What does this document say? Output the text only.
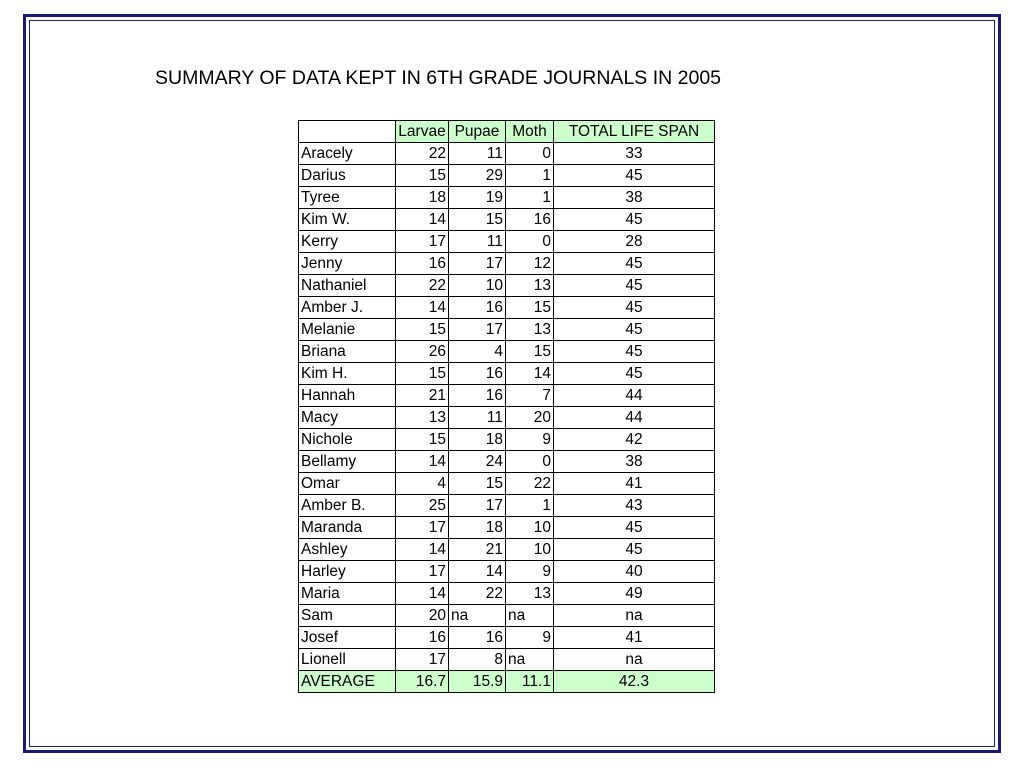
SUMMARY OF DATA KEPT IN 6TH GRADE JOURNALS IN 2005
	Larvae	Pupae	Moth	TOTAL LIFE SPAN
Aracely	22	11	0	33
Darius	15	29	1	45
Tyree	18	19	1	38
Kim W.	14	15	16	45
Kerry	17	11	0	28
Jenny	16	17	12	45
Nathaniel	22	10	13	45
Amber J.	14	16	15	45
Melanie	15	17	13	45
Briana	26	4	15	45
Kim H.	15	16	14	45
Hannah	21	16	7	44
Macy	13	11	20	44
Nichole	15	18	9	42
Bellamy	14	24	0	38
Omar	4	15	22	41
Amber B.	25	17	1	43
Maranda	17	18	10	45
Ashley	14	21	10	45
Harley	17	14	9	40
Maria	14	22	13	49
Sam	20	na	na	na
Josef	16	16	9	41
Lionell	17	8	na	na
AVERAGE	16.7	15.9	11.1	42.3
